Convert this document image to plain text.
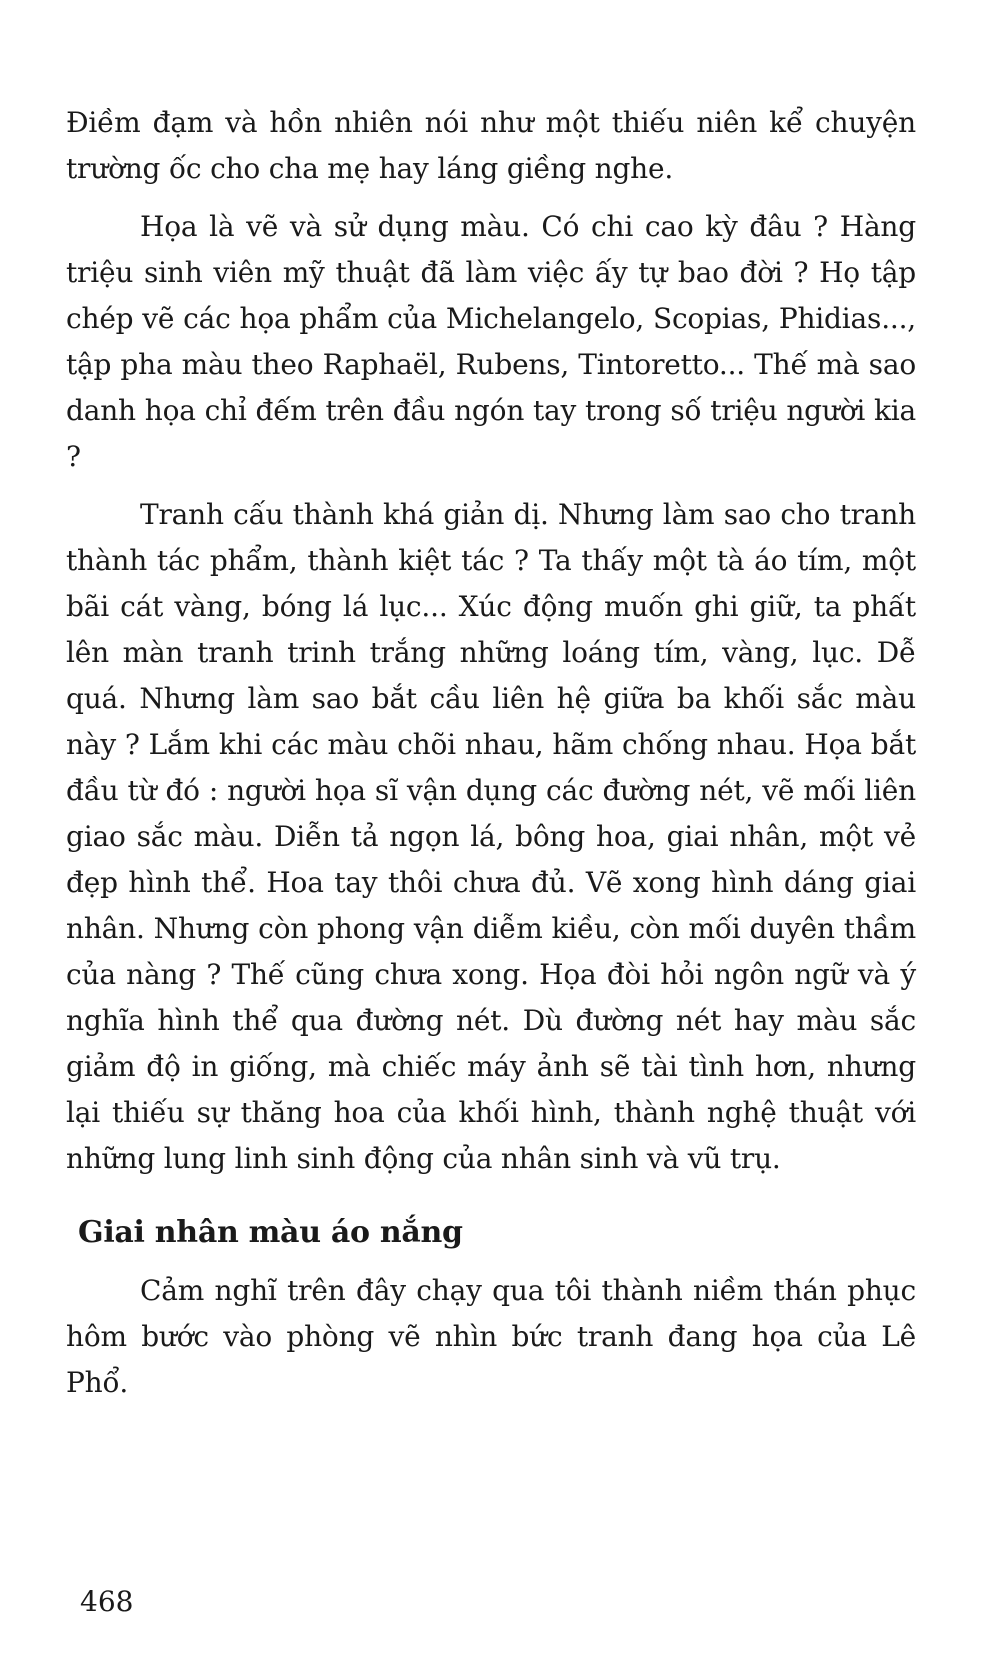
Điềm đạm và hồn nhiên nói như một thiếu niên kể chuyện trường ốc cho cha mẹ hay láng giềng nghe.

Họa là vẽ và sử dụng màu. Có chi cao kỳ đâu ? Hàng triệu sinh viên mỹ thuật đã làm việc ấy tự bao đời ? Họ tập chép vẽ các họa phẩm của Michelangelo, Scopias, Phidias..., tập pha màu theo Raphaël, Rubens, Tintoretto... Thế mà sao danh họa chỉ đếm trên đầu ngón tay trong số triệu người kia ?

Tranh cấu thành khá giản dị. Nhưng làm sao cho tranh thành tác phẩm, thành kiệt tác ? Ta thấy một tà áo tím, một bãi cát vàng, bóng lá lục... Xúc động muốn ghi giữ, ta phất lên màn tranh trinh trắng những loáng tím, vàng, lục. Dễ quá. Nhưng làm sao bắt cầu liên hệ giữa ba khối sắc màu này ? Lắm khi các màu chõi nhau, hãm chống nhau. Họa bắt đầu từ đó : người họa sĩ vận dụng các đường nét, vẽ mối liên giao sắc màu. Diễn tả ngọn lá, bông hoa, giai nhân, một vẻ đẹp hình thể. Hoa tay thôi chưa đủ. Vẽ xong hình dáng giai nhân. Nhưng còn phong vận diễm kiều, còn mối duyên thầm của nàng ? Thế cũng chưa xong. Họa đòi hỏi ngôn ngữ và ý nghĩa hình thể qua đường nét. Dù đường nét hay màu sắc giảm độ in giống, mà chiếc máy ảnh sẽ tài tình hơn, nhưng lại thiếu sự thăng hoa của khối hình, thành nghệ thuật với những lung linh sinh động của nhân sinh và vũ trụ.

Giai nhân màu áo nắng

Cảm nghĩ trên đây chạy qua tôi thành niềm thán phục hôm bước vào phòng vẽ nhìn bức tranh đang họa của Lê Phổ.

468
